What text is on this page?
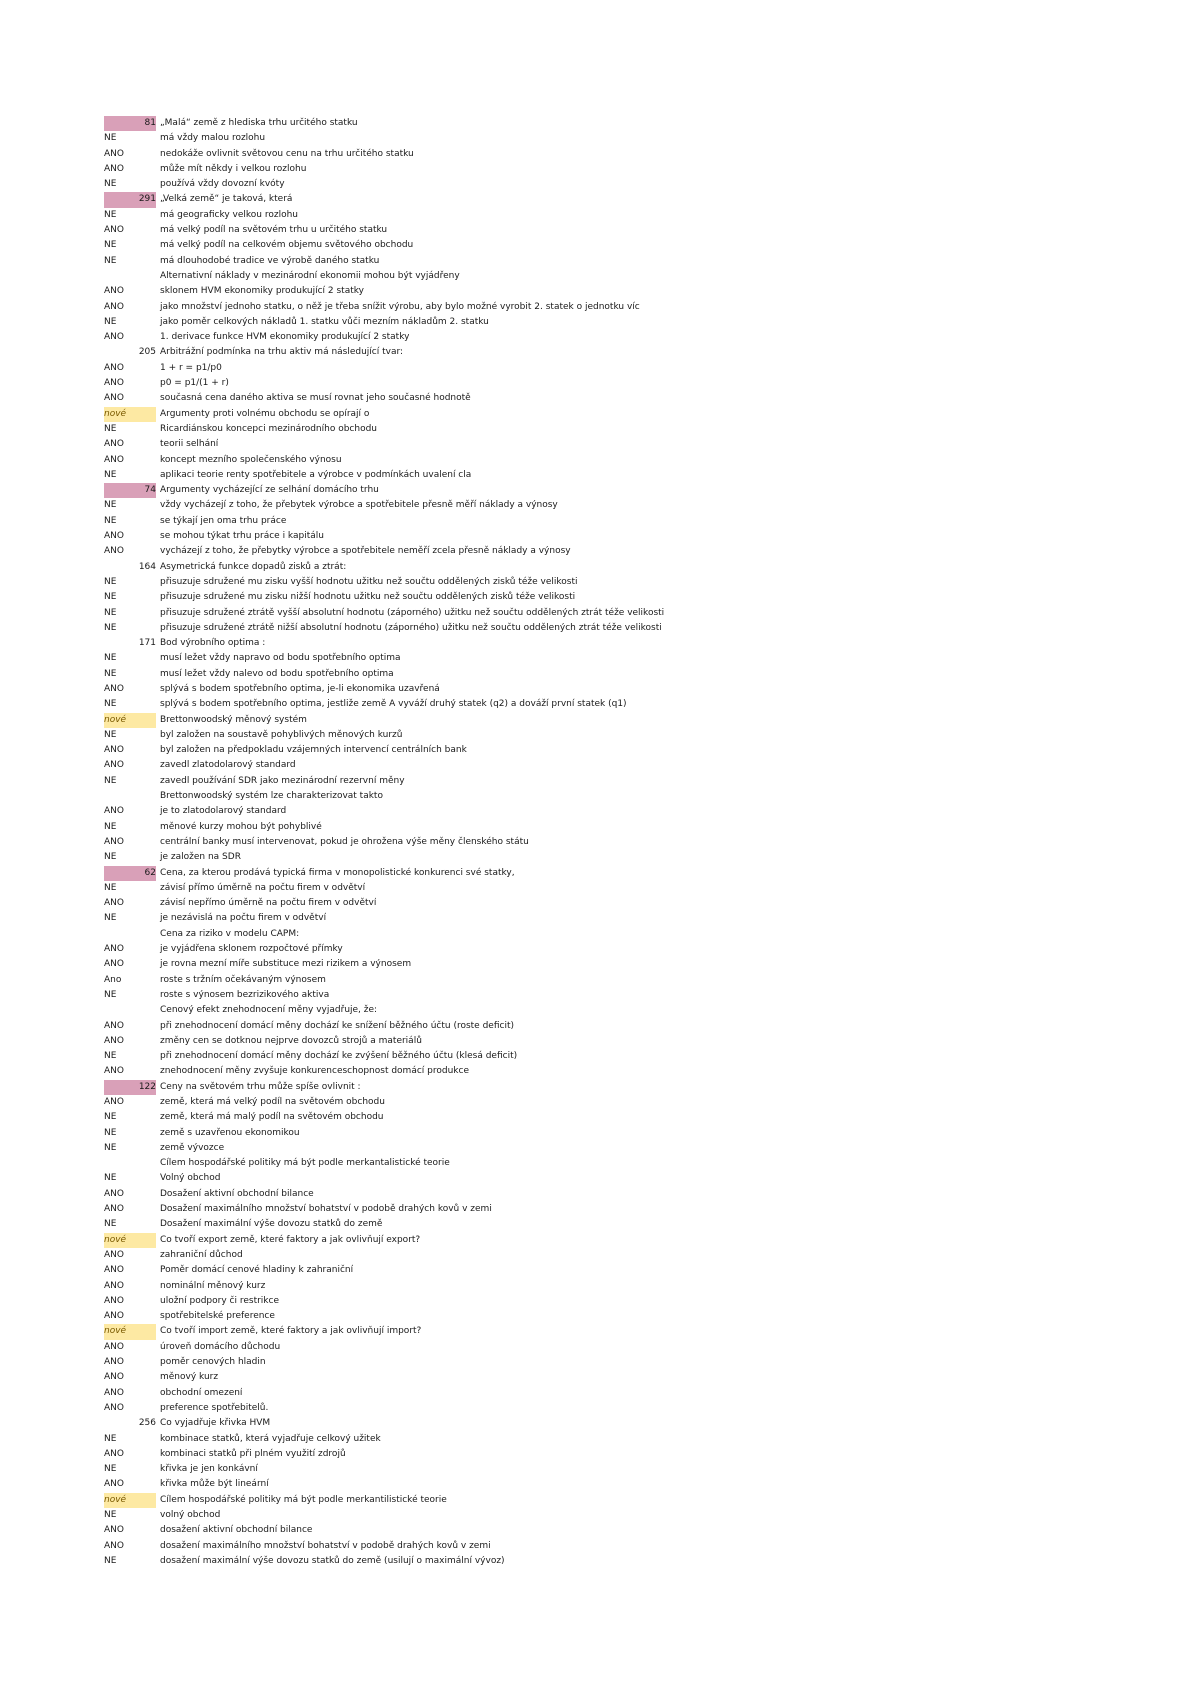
81 „Malá“ země z hlediska trhu určitého statku
NE	má vždy malou rozlohu
ANO	nedokáže ovlivnit světovou cenu na trhu určitého statku
ANO	může mít někdy i velkou rozlohu
NE	používá vždy dovozní kvóty
291 „Velká země“ je taková, která
NE	má geograficky velkou rozlohu
ANO	má velký podíl na světovém trhu u určitého statku
NE	má velký podíl na celkovém objemu světového obchodu
NE	má dlouhodobé tradice ve výrobě daného statku
Alternativní náklady v mezinárodní ekonomii mohou být vyjádřeny
ANO	sklonem HVM ekonomiky produkující 2 statky
ANO	jako množství jednoho statku, o něž je třeba snížit výrobu, aby bylo možné vyrobit 2. statek o jednotku víc
NE	jako poměr celkových nákladů 1. statku vůči mezním nákladům 2. statku
ANO	1. derivace funkce HVM ekonomiky produkující 2 statky
205 Arbitrážní podmínka na trhu aktiv má následující tvar:
ANO	1 + r = p1/p0
ANO	p0 = p1/(1 + r)
ANO	současná cena daného aktiva se musí rovnat jeho současné hodnotě
nové	Argumenty proti volnému obchodu se opírají o
NE	Ricardiánskou koncepci mezinárodního obchodu
ANO	teorii selhání
ANO	koncept mezního společenského výnosu
NE	aplikaci teorie renty spotřebitele a výrobce v podmínkách uvalení cla
74 Argumenty vycházející ze selhání domácího trhu
NE	vždy vycházejí z toho, že přebytek výrobce a spotřebitele přesně měří náklady a výnosy
NE	se týkají jen oma trhu práce
ANO	se mohou týkat trhu práce i kapitálu
ANO	vycházejí z toho, že přebytky výrobce a spotřebitele neměří zcela přesně náklady a výnosy
164 Asymetrická funkce dopadů zisků a ztrát:
NE	přisuzuje sdružené mu zisku vyšší hodnotu užitku než součtu oddělených zisků téže velikosti
NE	přisuzuje sdružené mu zisku nižší hodnotu užitku než součtu oddělených zisků téže velikosti
NE	přisuzuje sdružené ztrátě vyšší absolutní hodnotu (záporného) užitku než součtu oddělených ztrát téže velikosti
NE	přisuzuje sdružené ztrátě nižší absolutní hodnotu (záporného) užitku než součtu oddělených ztrát téže velikosti
171 Bod výrobního optima :
NE	musí ležet vždy napravo od bodu spotřebního optima
NE	musí ležet vždy nalevo od bodu spotřebního optima
ANO	splývá s bodem spotřebního optima, je-li ekonomika uzavřená
NE	splývá s bodem spotřebního optima, jestliže země A vyváží druhý statek (q2) a dováží první statek (q1)
nové	Brettonwoodský měnový systém
NE	byl založen na soustavě pohyblivých měnových kurzů
ANO	byl založen na předpokladu vzájemných intervencí centrálních bank
ANO	zavedl zlatodolarový standard
NE	zavedl používání SDR jako mezinárodní rezervní měny
Brettonwoodský systém lze charakterizovat takto
ANO	je to zlatodolarový standard
NE	měnové kurzy mohou být pohyblivé
ANO	centrální banky musí intervenovat, pokud je ohrožena výše měny členského státu
NE	je založen na SDR
62 Cena, za kterou prodává typická firma v monopolistické konkurenci své statky,
NE	závisí přímo úměrně na počtu firem v odvětví
ANO	závisí nepřímo úměrně na počtu firem v odvětví
NE	je nezávislá na počtu firem v odvětví
Cena za riziko v modelu CAPM:
ANO	je vyjádřena sklonem rozpočtové přímky
ANO	je rovna mezní míře substituce mezi rizikem a výnosem
Ano	roste s tržním očekávaným výnosem
NE	roste s výnosem bezrizikového aktiva
Cenový efekt znehodnocení měny vyjadřuje, že:
ANO	při znehodnocení domácí měny dochází ke snížení běžného účtu (roste deficit)
ANO	změny cen se dotknou nejprve dovozců strojů a materiálů
NE	při znehodnocení domácí měny dochází ke zvýšení běžného účtu (klesá deficit)
ANO	znehodnocení měny zvyšuje konkurenceschopnost domácí produkce
122 Ceny na světovém trhu může spíše ovlivnit :
ANO	země, která má velký podíl na světovém obchodu
NE	země, která má malý podíl na světovém obchodu
NE	země s uzavřenou ekonomikou
NE	země vývozce
Cílem hospodářské politiky má být podle merkantalistické teorie
NE	Volný obchod
ANO	Dosažení aktivní obchodní bilance
ANO	Dosažení maximálního množství bohatství v podobě drahých kovů v zemi
NE	Dosažení maximální výše dovozu statků do země
nové	Co tvoří export země, které faktory a jak ovlivňují export?
ANO	zahraniční důchod
ANO	Poměr domácí cenové hladiny k zahraniční
ANO	nominální měnový kurz
ANO	uložní podpory či restrikce
ANO	spotřebitelské preference
nové	Co tvoří import země, které faktory a jak ovlivňují import?
ANO	úroveň domácího důchodu
ANO	poměr cenových hladin
ANO	měnový kurz
ANO	obchodní omezení
ANO	preference spotřebitelů.
256 Co vyjadřuje křivka HVM
NE	kombinace statků, která vyjadřuje celkový užitek
ANO	kombinaci statků při plném využití zdrojů
NE	křivka je jen konkávní
ANO	křivka může být lineární
nové	Cílem hospodářské politiky má být podle merkantilistické teorie
NE	volný obchod
ANO	dosažení aktivní obchodní bilance
ANO	dosažení maximálního množství bohatství v podobě drahých kovů v zemi
NE	dosažení maximální výše dovozu statků do země (usilují o maximální vývoz)
